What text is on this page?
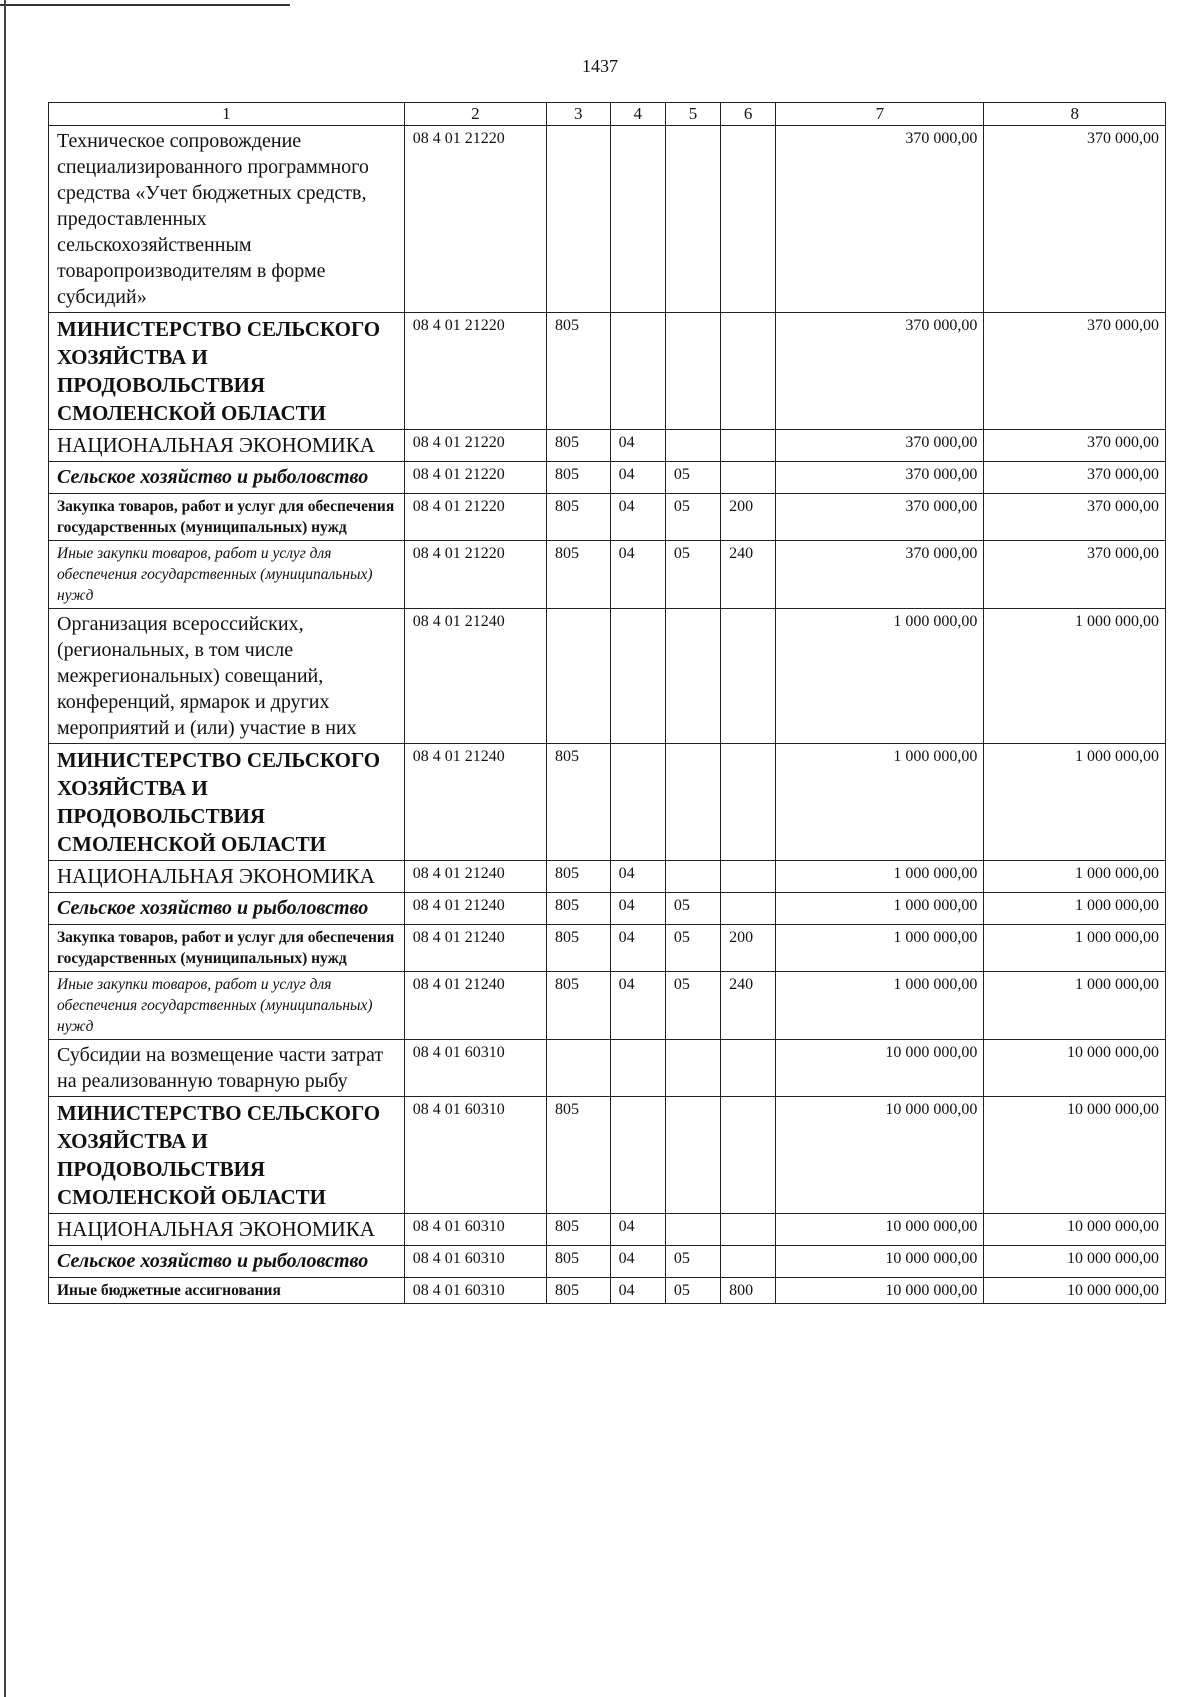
1437
1	2	3	4	5	6	7	8
Техническое сопровождение специализированного программного средства «Учет бюджетных средств, предоставленных сельскохозяйственным товаропроизводителям в форме субсидий»	08 4 01 21220					370 000,00	370 000,00
МИНИСТЕРСТВО СЕЛЬСКОГО ХОЗЯЙСТВА И ПРОДОВОЛЬСТВИЯ СМОЛЕНСКОЙ ОБЛАСТИ	08 4 01 21220	805				370 000,00	370 000,00
НАЦИОНАЛЬНАЯ ЭКОНОМИКА	08 4 01 21220	805	04			370 000,00	370 000,00
Сельское хозяйство и рыболовство	08 4 01 21220	805	04	05		370 000,00	370 000,00
Закупка товаров, работ и услуг для обеспечения государственных (муниципальных) нужд	08 4 01 21220	805	04	05	200	370 000,00	370 000,00
Иные закупки товаров, работ и услуг для обеспечения государственных (муниципальных) нужд	08 4 01 21220	805	04	05	240	370 000,00	370 000,00
Организация всероссийских, (региональных, в том числе межрегиональных) совещаний, конференций, ярмарок и других мероприятий и (или) участие в них	08 4 01 21240					1 000 000,00	1 000 000,00
МИНИСТЕРСТВО СЕЛЬСКОГО ХОЗЯЙСТВА И ПРОДОВОЛЬСТВИЯ СМОЛЕНСКОЙ ОБЛАСТИ	08 4 01 21240	805				1 000 000,00	1 000 000,00
НАЦИОНАЛЬНАЯ ЭКОНОМИКА	08 4 01 21240	805	04			1 000 000,00	1 000 000,00
Сельское хозяйство и рыболовство	08 4 01 21240	805	04	05		1 000 000,00	1 000 000,00
Закупка товаров, работ и услуг для обеспечения государственных (муниципальных) нужд	08 4 01 21240	805	04	05	200	1 000 000,00	1 000 000,00
Иные закупки товаров, работ и услуг для обеспечения государственных (муниципальных) нужд	08 4 01 21240	805	04	05	240	1 000 000,00	1 000 000,00
Субсидии на возмещение части затрат на реализованную товарную рыбу	08 4 01 60310					10 000 000,00	10 000 000,00
МИНИСТЕРСТВО СЕЛЬСКОГО ХОЗЯЙСТВА И ПРОДОВОЛЬСТВИЯ СМОЛЕНСКОЙ ОБЛАСТИ	08 4 01 60310	805				10 000 000,00	10 000 000,00
НАЦИОНАЛЬНАЯ ЭКОНОМИКА	08 4 01 60310	805	04			10 000 000,00	10 000 000,00
Сельское хозяйство и рыболовство	08 4 01 60310	805	04	05		10 000 000,00	10 000 000,00
Иные бюджетные ассигнования	08 4 01 60310	805	04	05	800	10 000 000,00	10 000 000,00
